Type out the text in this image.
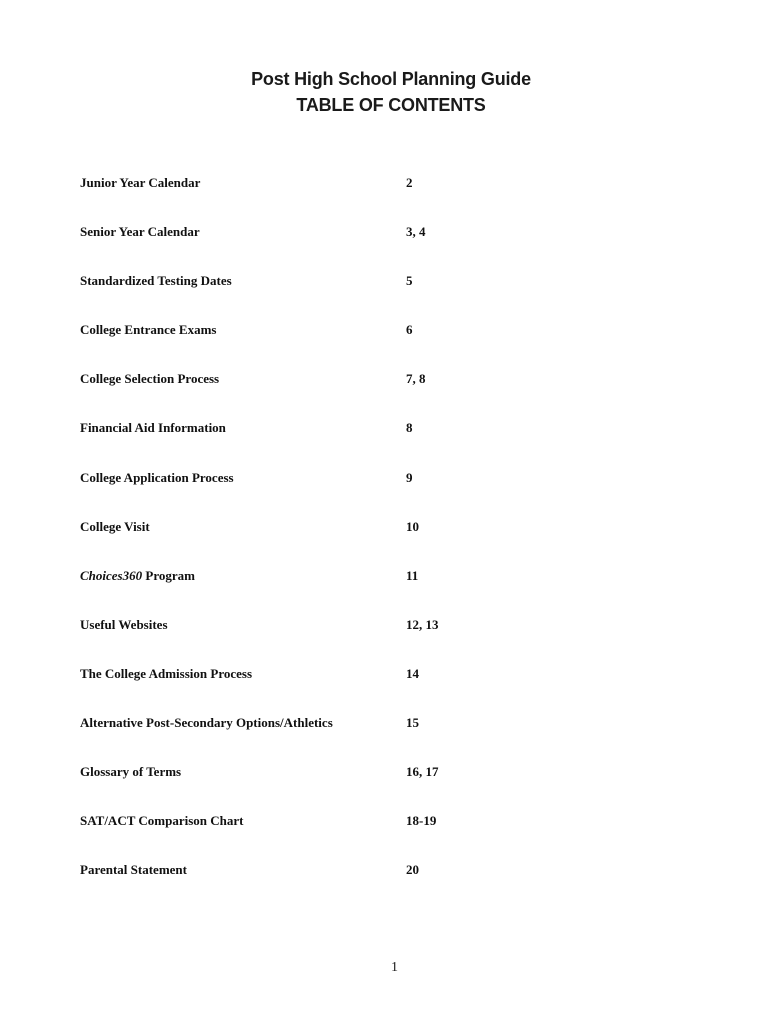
Post High School Planning Guide
TABLE OF CONTENTS
Junior Year Calendar	2
Senior Year Calendar	3, 4
Standardized Testing Dates	5
College Entrance Exams	6
College Selection Process	7, 8
Financial Aid Information	8
College Application Process	9
College Visit	10
Choices360 Program	11
Useful Websites	12, 13
The College Admission Process	14
Alternative Post-Secondary Options/Athletics	15
Glossary of Terms	16, 17
SAT/ACT Comparison Chart	18-19
Parental Statement	20
1
